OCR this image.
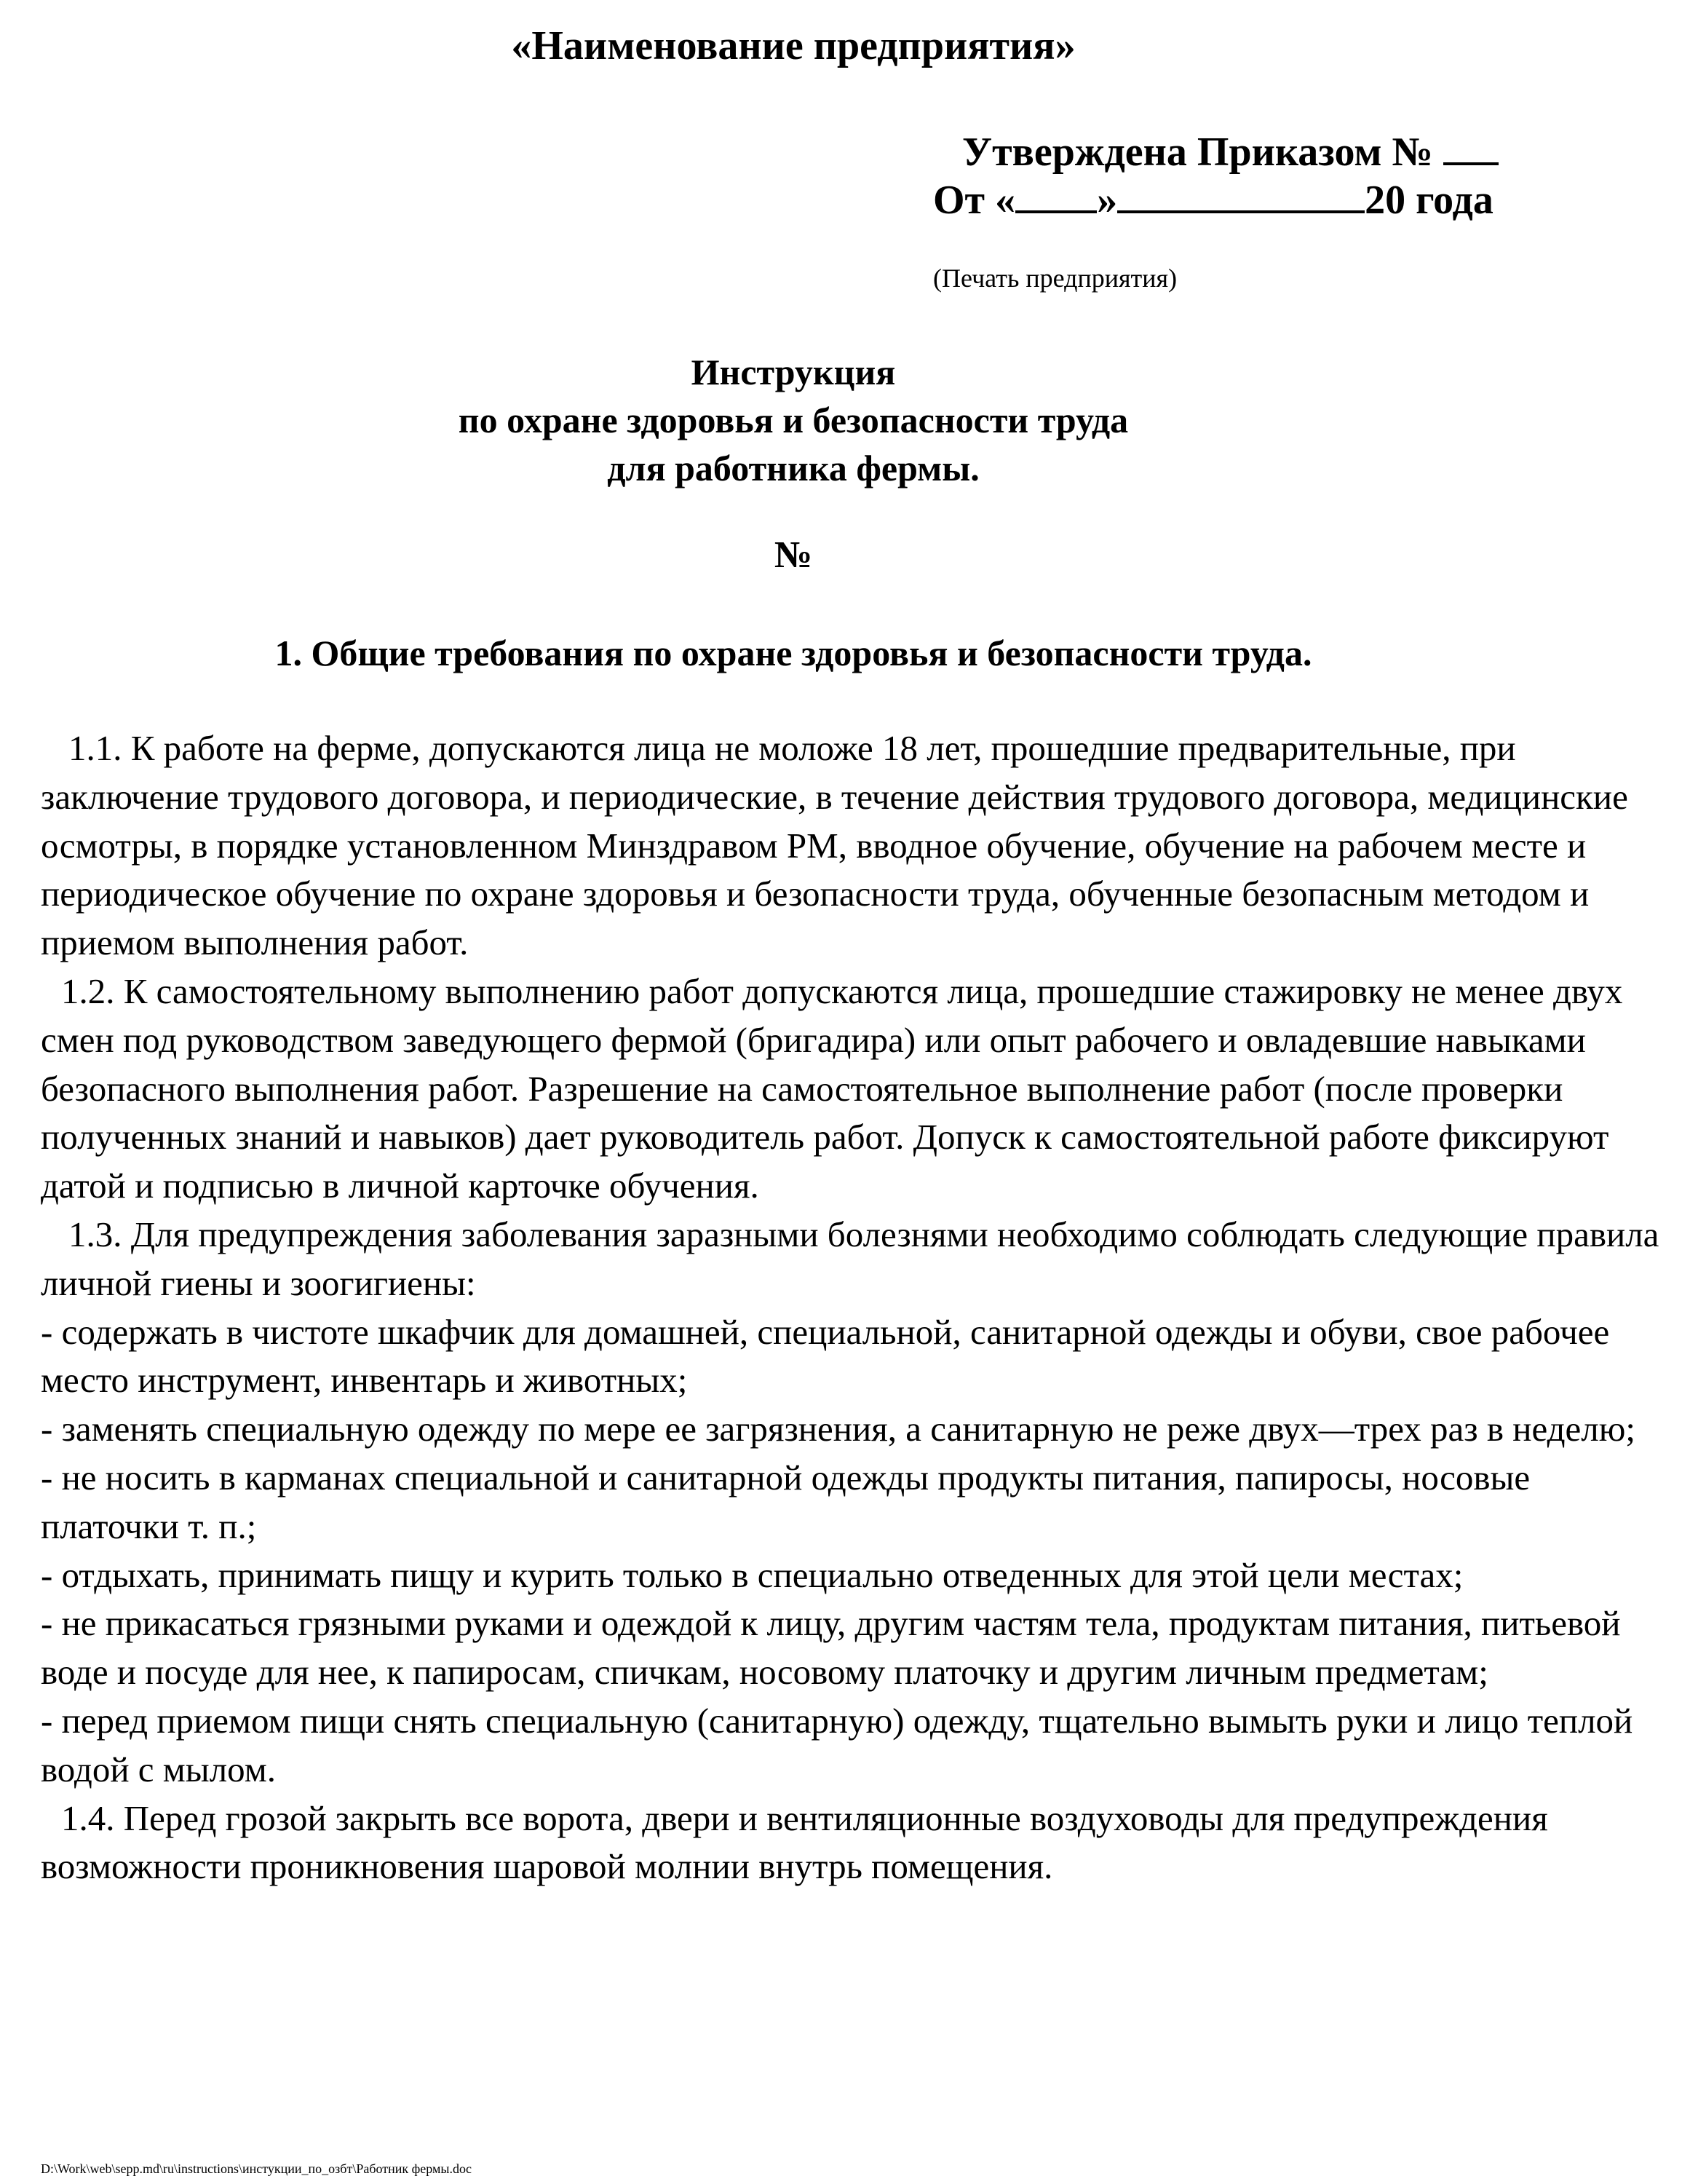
«Наименование предприятия»
Утверждена Приказом №
От « »	20 года
(Печать предприятия)
Инструкция
по охране здоровья и безопасности труда
для работника фермы.
№
1. Общие требования по охране здоровья и безопасности труда.

1.1. К работе на ферме, допускаются лица не моложе 18 лет, прошедшие предварительные, при заключение трудового договора, и периодические, в течение действия трудового договора, медицинские осмотры, в порядке установленном Минздравом РМ, вводное обучение, обучение на рабочем месте и периодическое обучение по охране здоровья и безопасности труда, обученные безопасным методом и приемом выполнения работ.

1.2. К самостоятельному выполнению работ допускаются лица, прошедшие стажировку не менее двух смен под руководством заведующего фермой (бригадира) или опыт рабочего и овладевшие навыками безопасного выполнения работ. Разрешение на самостоятельное выполнение работ (после проверки полученных знаний и навыков) дает руководитель работ. Допуск к самостоятельной работе фиксируют датой и подписью в личной карточке обучения.

1.3. Для предупреждения заболевания заразными болезнями необходимо соблюдать следующие правила личной гиены и зоогигиены:

- содержать в чистоте шкафчик для домашней, специальной, санитарной одежды и обуви, свое рабочее место инструмент, инвентарь и животных;

- заменять специальную одежду по мере ее загрязнения, а санитарную не реже двух—трех раз в неделю;

- не носить в карманах специальной и санитарной одежды продукты питания, папиросы, носовые платочки т. п.;

- отдыхать, принимать пищу и курить только в специально отведенных для этой цели местах;

- не прикасаться грязными руками и одеждой к лицу, другим частям тела, продуктам питания, питьевой воде и посуде для нее, к папиросам, спичкам, носовому платочку и другим личным предметам;

- перед приемом пищи снять специальную (санитарную) одежду, тщательно вымыть руки и лицо теплой водой с мылом.

1.4. Перед грозой закрыть все ворота, двери и вентиляционные воздуховоды для предупреждения возможности проникновения шаровой молнии внутрь помещения.

D:\Work\web\sepp.md\ru\instructions\инстукции_по_озбт\Работник фермы.doc
